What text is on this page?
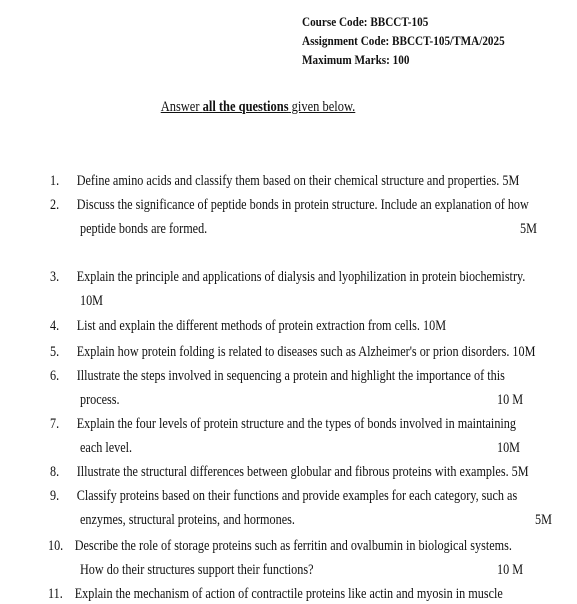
Course Code: BBCCT-105
Assignment Code: BBCCT-105/TMA/2025
Maximum Marks: 100
Answer all the questions given below.
1. Define amino acids and classify them based on their chemical structure and properties. 5M
2. Discuss the significance of peptide bonds in protein structure. Include an explanation of how
peptide bonds are formed.	5M
3. Explain the principle and applications of dialysis and lyophilization in protein biochemistry.
10M
4. List and explain the different methods of protein extraction from cells. 10M
5. Explain how protein folding is related to diseases such as Alzheimer's or prion disorders. 10M
6. Illustrate the steps involved in sequencing a protein and highlight the importance of this
process.	10 M
7. Explain the four levels of protein structure and the types of bonds involved in maintaining
each level.	10M
8. Illustrate the structural differences between globular and fibrous proteins with examples. 5M
9. Classify proteins based on their functions and provide examples for each category, such as
enzymes, structural proteins, and hormones.	5M
10. Describe the role of storage proteins such as ferritin and ovalbumin in biological systems.
How do their structures support their functions?	10 M
11. Explain the mechanism of action of contractile proteins like actin and myosin in muscle
